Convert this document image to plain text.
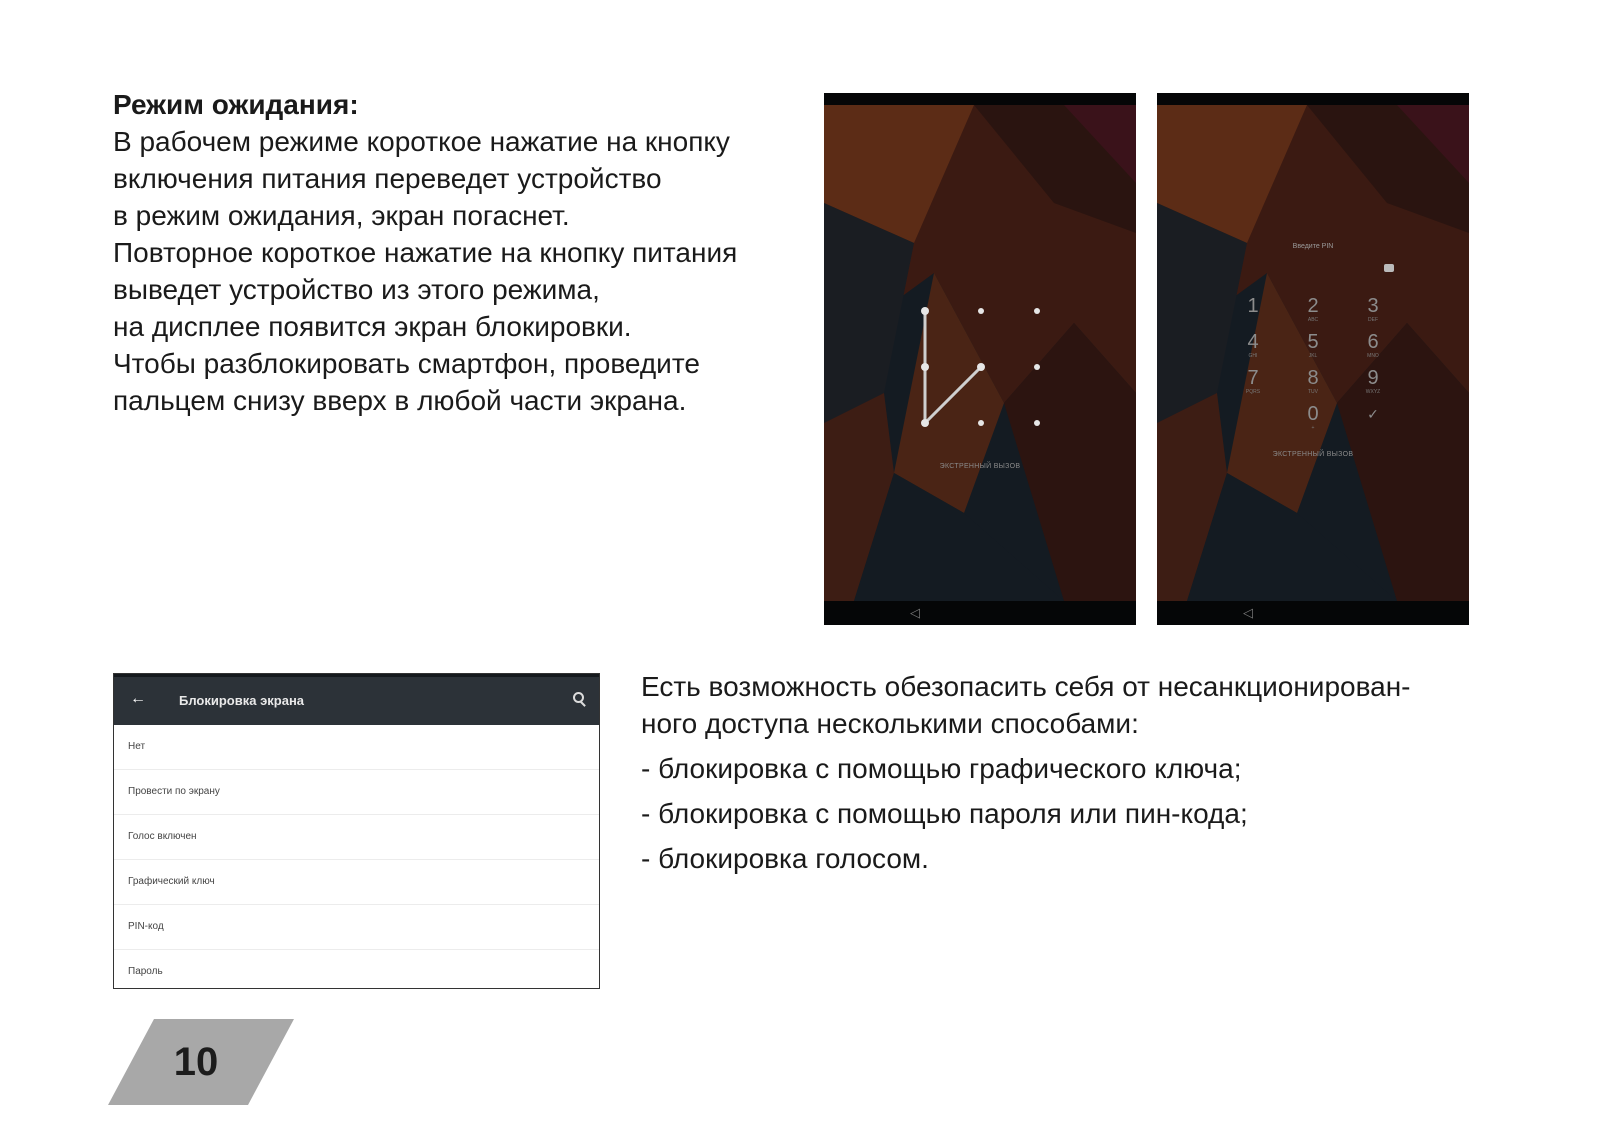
Режим ожидания:

В рабочем режиме короткое нажатие на кнопку

включения питания переведет устройство

в режим ожидания, экран погаснет.

Повторное короткое нажатие на кнопку питания

выведет устройство из этого режима,

на дисплее появится экран блокировки.

Чтобы разблокировать смартфон, проведите

пальцем снизу вверх в любой части экрана.

ЭКСТРЕННЫЙ ВЫЗОВ
◁
Введите PIN
1	2
ABC
3
DEF
4
GHI
5
JKL
6
MNO
7
PQRS
8
TUV
9
WXYZ
0
+
✓
ЭКСТРЕННЫЙ ВЫЗОВ
◁
←	Блокировка экрана
Нет
Провести по экрану
Голос включен
Графический ключ
PIN-код
Пароль

Есть возможность обезопасить себя от несанкционирован-

ного доступа несколькими способами:

- блокировка с помощью графического ключа;

- блокировка с помощью пароля или пин-кода;

- блокировка голосом.

10
